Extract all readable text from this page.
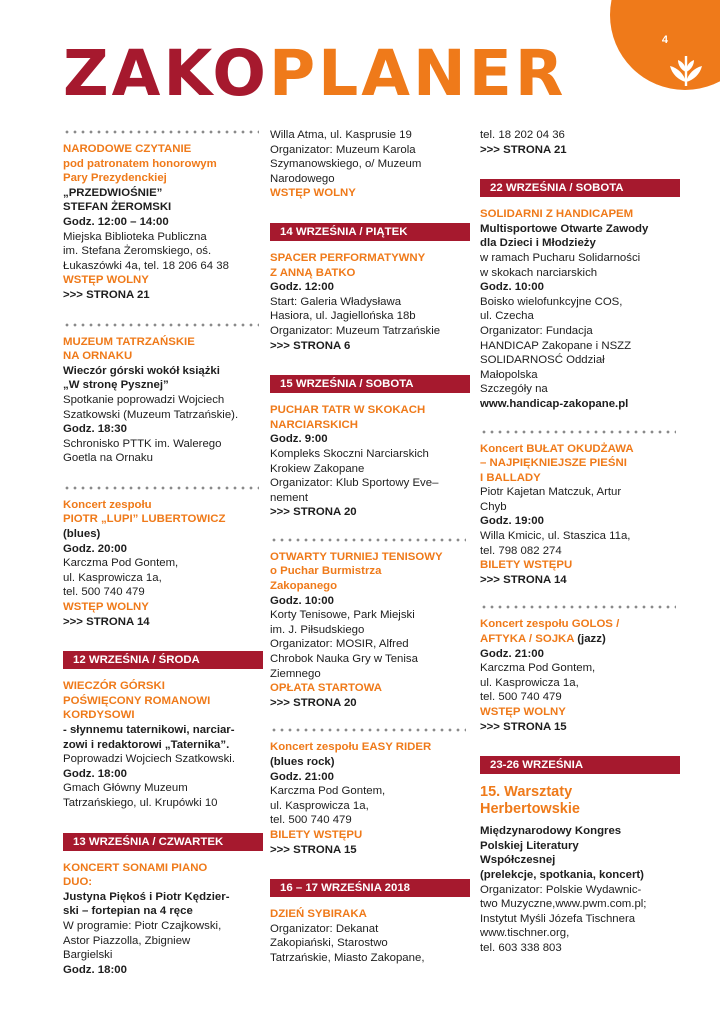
4
ZAKOPLANER
NARODOWE CZYTANIE
pod patronatem honorowym
Pary Prezydenckiej
„PRZEDWIOŚNIE”
STEFAN ŻEROMSKI
Godz. 12:00 – 14:00
Miejska Biblioteka Publiczna
im. Stefana Żeromskiego, oś.
Łukaszówki 4a, tel. 18 206 64 38
WSTĘP WOLNY
>>> STRONA 21
MUZEUM TATRZAŃSKIE
NA ORNAKU
Wieczór górski wokół książki
„W stronę Pysznej”
Spotkanie poprowadzi Wojciech
Szatkowski (Muzeum Tatrzańskie).
Godz. 18:30
Schronisko PTTK im. Walerego
Goetla na Ornaku
Koncert zespołu
PIOTR „LUPI” LUBERTOWICZ
(blues)
Godz. 20:00
Karczma Pod Gontem,
ul. Kasprowicza 1a,
tel. 500 740 479
WSTĘP WOLNY
>>> STRONA 14
12 WRZEŚNIA / ŚRODA
WIECZÓR GÓRSKI
POŚWIĘCONY ROMANOWI
KORDYSOWI
- słynnemu taternikowi, narciar-
zowi i redaktorowi „Taternika”.
Poprowadzi Wojciech Szatkowski.
Godz. 18:00
Gmach Główny Muzeum
Tatrzańskiego, ul. Krupówki 10
13 WRZEŚNIA / CZWARTEK
KONCERT SONAMI PIANO
DUO:
Justyna Piękoś i Piotr Kędzier-
ski – fortepian na 4 ręce
W programie: Piotr Czajkowski,
Astor Piazzolla, Zbigniew
Bargielski
Godz. 18:00
Willa Atma, ul. Kasprusie 19
Organizator: Muzeum Karola
Szymanowskiego, o/ Muzeum
Narodowego
WSTĘP WOLNY
14 WRZEŚNIA / PIĄTEK
SPACER PERFORMATYWNY
Z ANNĄ BATKO
Godz. 12:00
Start: Galeria Władysława
Hasiora, ul. Jagiellońska 18b
Organizator: Muzeum Tatrzańskie
>>> STRONA 6
15 WRZEŚNIA / SOBOTA
PUCHAR TATR W SKOKACH
NARCIARSKICH
Godz. 9:00
Kompleks Skoczni Narciarskich
Krokiew Zakopane
Organizator: Klub Sportowy Eve–
nement
>>> STRONA 20
OTWARTY TURNIEJ TENISOWY
o Puchar Burmistrza
Zakopanego
Godz. 10:00
Korty Tenisowe, Park Miejski
im. J. Piłsudskiego
Organizator: MOSIR, Alfred
Chrobok Nauka Gry w Tenisa
Ziemnego
OPŁATA STARTOWA
>>> STRONA 20
Koncert zespołu EASY RIDER
(blues rock)
Godz. 21:00
Karczma Pod Gontem,
ul. Kasprowicza 1a,
tel. 500 740 479
BILETY WSTĘPU
>>> STRONA 15
16 – 17 WRZEŚNIA 2018
DZIEŃ SYBIRAKA
Organizator: Dekanat
Zakopiański, Starostwo
Tatrzańskie, Miasto Zakopane,
tel. 18 202 04 36
>>> STRONA 21
22 WRZEŚNIA / SOBOTA
SOLIDARNI Z HANDICAPEM
Multisportowe Otwarte Zawody
dla Dzieci i Młodzieży
w ramach Pucharu Solidarności
w skokach narciarskich
Godz. 10:00
Boisko wielofunkcyjne COS,
ul. Czecha
Organizator: Fundacja
HANDICAP Zakopane i NSZZ
SOLIDARNOSĆ Oddział
Małopolska
Szczegóły na
www.handicap-zakopane.pl
Koncert BUŁAT OKUDŻAWA
– NAJPIĘKNIEJSZE PIEŚNI
I BALLADY
Piotr Kajetan Matczuk, Artur
Chyb
Godz. 19:00
Willa Kmicic, ul. Staszica 11a,
tel. 798 082 274
BILETY WSTĘPU
>>> STRONA 14
Koncert zespołu GOLOS /
AFTYKA / SOJKA (jazz)
Godz. 21:00
Karczma Pod Gontem,
ul. Kasprowicza 1a,
tel. 500 740 479
WSTĘP WOLNY
>>> STRONA 15
23-26 WRZEŚNIA
15. Warsztaty
Herbertowskie
Międzynarodowy Kongres
Polskiej Literatury
Współczesnej
(prelekcje, spotkania, koncert)
Organizator: Polskie Wydawnic-
two Muzyczne,www.pwm.com.pl;
Instytut Myśli Józefa Tischnera
www.tischner.org,
tel. 603 338 803
